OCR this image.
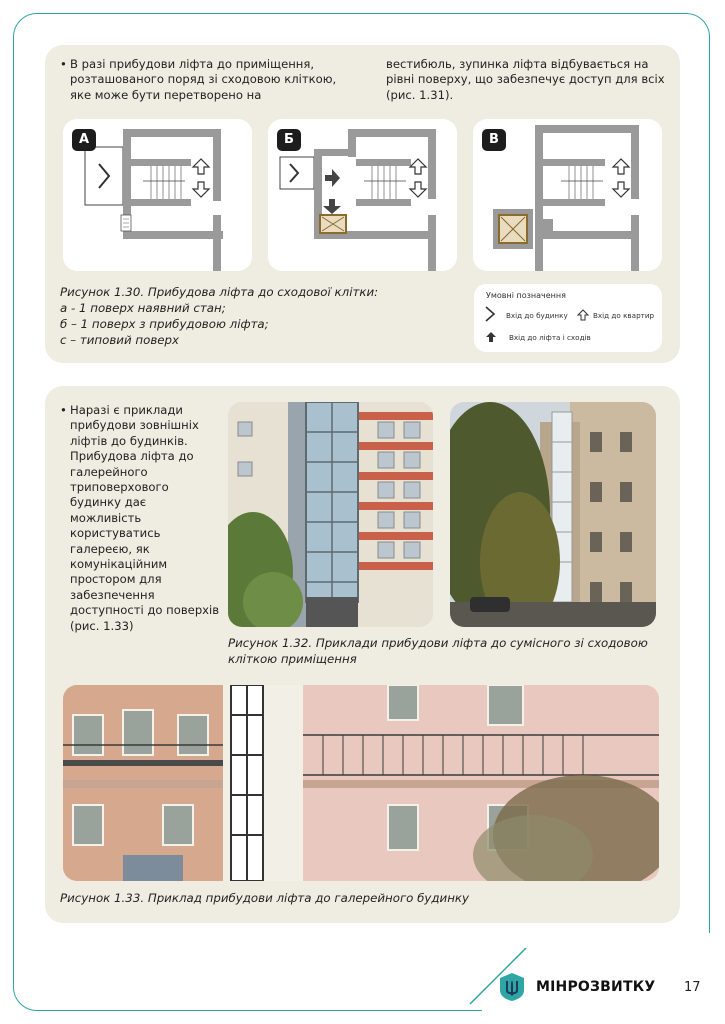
• В разі прибудови ліфта до приміщення, розташованого поряд зі сходовою кліткою, яке може бути перетворено на
вестибюль, зупинка ліфта відбувається на рівні поверху, що забезпечує доступ для всіх (рис. 1.31).
А	Б	В
Рисунок 1.30. Прибудова ліфта до сходової клітки:
а - 1 поверх наявний стан;
б – 1 поверх з прибудовою ліфта;
с – типовий поверх
Умовні позначення
Вхід до будинку	Вхід до квартир
Вхід до ліфта і сходів
• Наразі є приклади прибудови зовнішніх ліфтів до будинків. Прибудова ліфта до галерейного триповерхового будинку дає можливість користуватись галереєю, як комунікаційним простором для забезпечення доступності до поверхів (рис. 1.33)
Рисунок 1.32. Приклади прибудови ліфта до сумісного зі сходовою кліткою приміщення
Рисунок 1.33. Приклад прибудови ліфта до галерейного будинку
МІНРОЗВИТКУ 17
